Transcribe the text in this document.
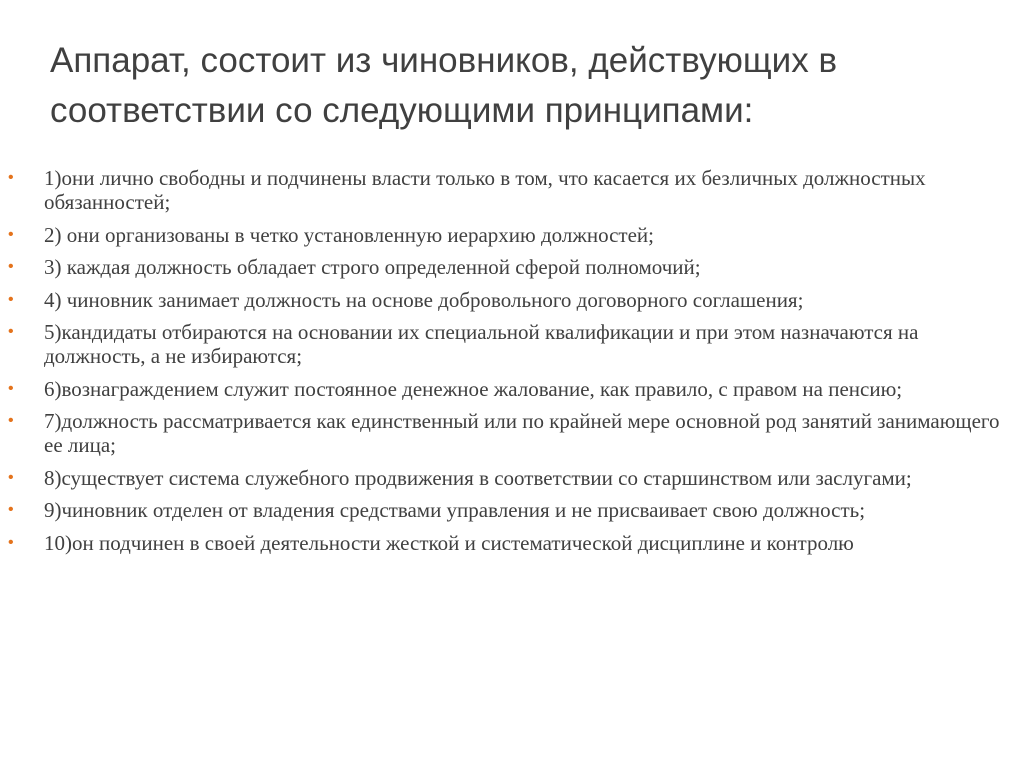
Аппарат, состоит из чиновников, действующих в соответствии со следующими принципами:
•	1)они лично свободны и подчинены власти только в том, что касается их безличных должностных обязанностей;
•	2) они организованы в четко установленную иерархию должностей;
•	3) каждая должность обладает строго определенной сферой полномочий;
•	4) чиновник занимает должность на основе добровольного договорного соглашения;
•	5)кандидаты отбираются на основании их специальной квалификации и при этом назначаются на должность, а не избираются;
•	6)вознаграждением служит постоянное денежное жалование, как правило, с правом на пенсию;
•	7)должность рассматривается как единственный или по крайней мере основной род занятий занимающего ее лица;
•	8)существует система служебного продвижения в соответствии со старшинством или заслугами;
•	9)чиновник отделен от владения средствами управления и не присваивает свою должность;
•	10)он подчинен в своей деятельности жесткой и систематической дисциплине и контролю
